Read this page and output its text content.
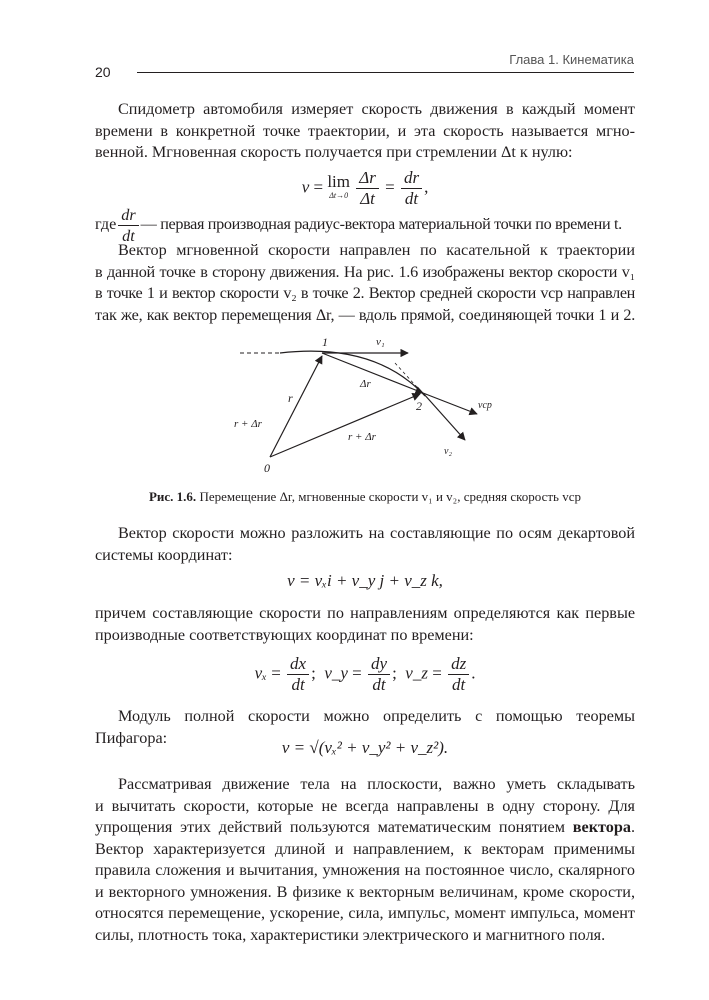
20
Глава 1. Кинематика
Спидометр автомобиля измеряет скорость движения в каждый момент
времени в конкретной точке траектории, и эта скорость называется мгно-
венной. Мгновенная скорость получается при стремлении Δt к нулю:
v = lim
Δt→0
$\frac{\Delta r}{\Delta t} = \frac{dr}{dt}$ ,
где $\frac{dr}{dt}$ — первая производная радиус-вектора материальной точки по времени t.
Вектор мгновенной скорости направлен по касательной к траектории
в данной точке в сторону движения. На рис. 1.6 изображены вектор скорости v₁
в точке 1 и вектор скорости v₂ в точке 2. Вектор средней скорости vср направлен
так же, как вектор перемещения Δr, — вдоль прямой, соединяющей точки 1 и 2.
1
2
0
v₁
Δr
r
vср
r + Δr
r + Δr
v₂
Рис. 1.6. Перемещение Δr, мгновенные скорости v₁ и v₂, средняя скорость vср
Вектор скорости можно разложить на составляющие по осям декартовой
системы координат:
v = vₓi + v_y j + v_z k,
причем составляющие скорости по направлениям определяются как первые
производные соответствующих координат по времени:
$v_x = \frac{dx}{dt}$ ;  v_y = $\frac{dy}{dt}$ ;  v_z = $\frac{dz}{dt}$ .
Модуль полной скорости можно определить с помощью теоремы Пифагора:
v = √(vₓ² + v_y² + v_z²).
Рассматривая движение тела на плоскости, важно уметь складывать
и вычитать скорости, которые не всегда направлены в одну сторону. Для
упрощения этих действий пользуются математическим понятием вектора.
Вектор характеризуется длиной и направлением, к векторам применимы
правила сложения и вычитания, умножения на постоянное число, скалярного
и векторного умножения. В физике к векторным величинам, кроме скорости,
относятся перемещение, ускорение, сила, импульс, момент импульса, момент
силы, плотность тока, характеристики электрического и магнитного поля.
